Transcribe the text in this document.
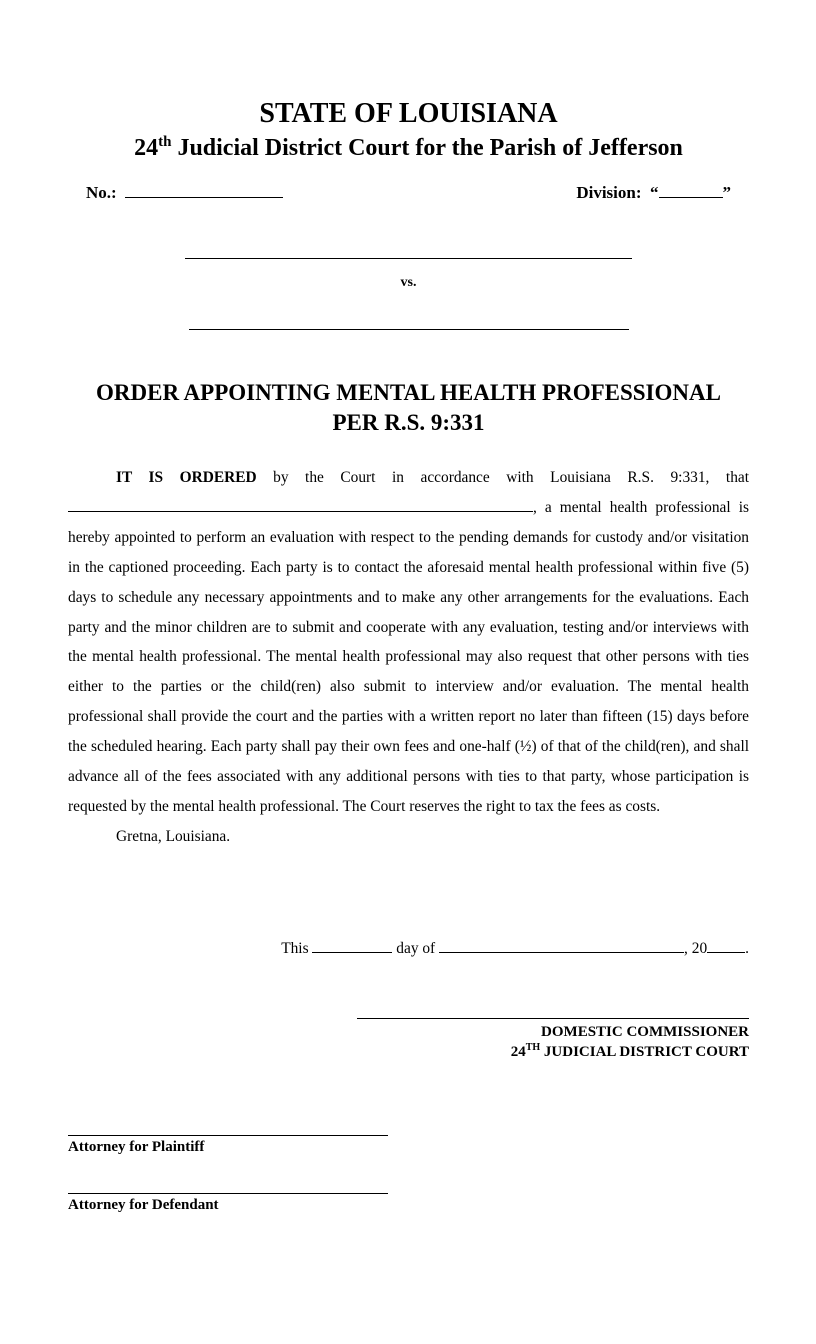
STATE OF LOUISIANA
24th Judicial District Court for the Parish of Jefferson
No.:	Division: “	”
vs.
ORDER APPOINTING MENTAL HEALTH PROFESSIONAL
PER R.S. 9:331

IT IS ORDERED by the Court in accordance with Louisiana R.S. 9:331, that , a mental health professional is hereby appointed to perform an evaluation with respect to the pending demands for custody and/or visitation in the captioned proceeding. Each party is to contact the aforesaid mental health professional within five (5) days to schedule any necessary appointments and to make any other arrangements for the evaluations. Each party and the minor children are to submit and cooperate with any evaluation, testing and/or interviews with the mental health professional. The mental health professional may also request that other persons with ties either to the parties or the child(ren) also submit to interview and/or evaluation. The mental health professional shall provide the court and the parties with a written report no later than fifteen (15) days before the scheduled hearing. Each party shall pay their own fees and one-half (½) of that of the child(ren), and shall advance all of the fees associated with any additional persons with ties to that party, whose participation is requested by the mental health professional. The Court reserves the right to tax the fees as costs.

Gretna, Louisiana.

This	day of	, 20 .
DOMESTIC COMMISSIONER
24TH JUDICIAL DISTRICT COURT
Attorney for Plaintiff
Attorney for Defendant
